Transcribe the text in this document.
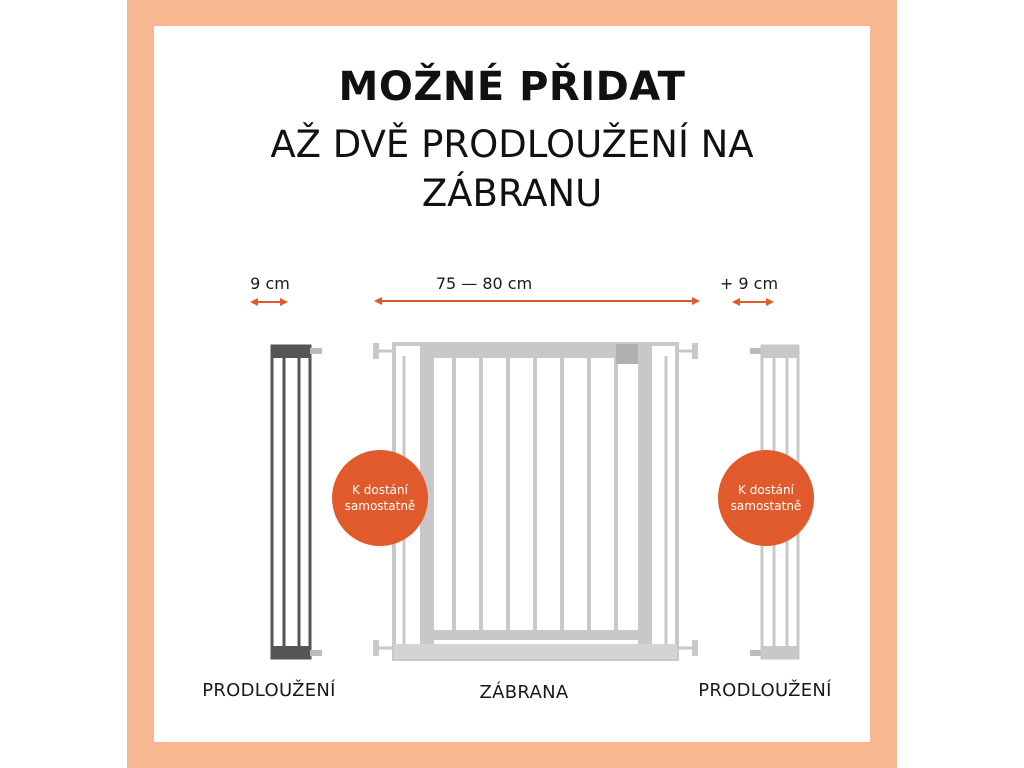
MOŽNÉ PŘIDAT
AŽ DVĚ PRODLOUŽENÍ NA
ZÁBRANU
9 cm	75 — 80 cm	+ 9 cm
K dostání
samostatně
K dostání
samostatně
PRODLOUŽENÍ	ZÁBRANA	PRODLOUŽENÍ
